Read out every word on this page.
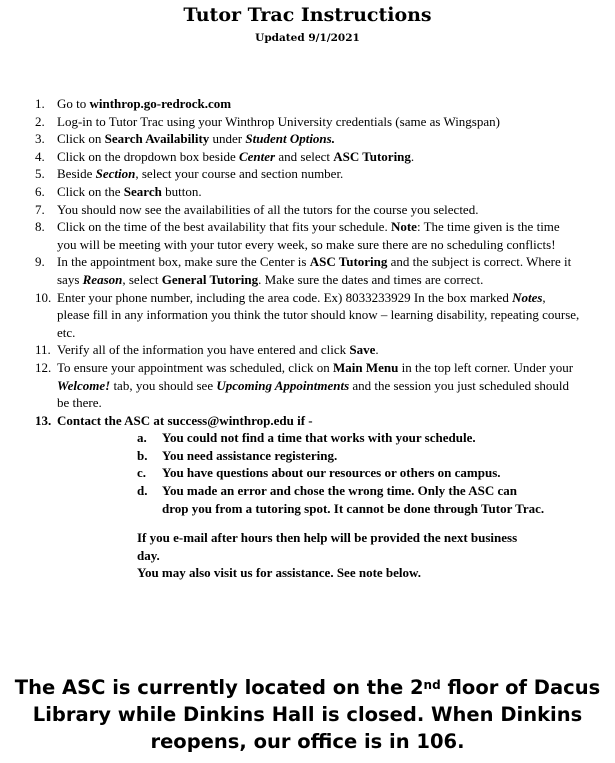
Tutor Trac Instructions
Updated 9/1/2021
1. Go to winthrop.go-redrock.com
2. Log-in to Tutor Trac using your Winthrop University credentials (same as Wingspan)
3. Click on Search Availability under Student Options.
4. Click on the dropdown box beside Center and select ASC Tutoring.
5. Beside Section, select your course and section number.
6. Click on the Search button.
7. You should now see the availabilities of all the tutors for the course you selected.
8. Click on the time of the best availability that fits your schedule. Note: The time given is the time you will be meeting with your tutor every week, so make sure there are no scheduling conflicts!
9. In the appointment box, make sure the Center is ASC Tutoring and the subject is correct. Where it says Reason, select General Tutoring. Make sure the dates and times are correct.
10. Enter your phone number, including the area code. Ex) 8033233929 In the box marked Notes, please fill in any information you think the tutor should know – learning disability, repeating course, etc.
11. Verify all of the information you have entered and click Save.
12. To ensure your appointment was scheduled, click on Main Menu in the top left corner. Under your Welcome! tab, you should see Upcoming Appointments and the session you just scheduled should be there.
13. Contact the ASC at success@winthrop.edu if -
a. You could not find a time that works with your schedule.
b. You need assistance registering.
c. You have questions about our resources or others on campus.
d. You made an error and chose the wrong time. Only the ASC can drop you from a tutoring spot. It cannot be done through Tutor Trac.
If you e-mail after hours then help will be provided the next business day.
You may also visit us for assistance. See note below.
The ASC is currently located on the 2nd floor of Dacus Library while Dinkins Hall is closed. When Dinkins reopens, our office is in 106.
